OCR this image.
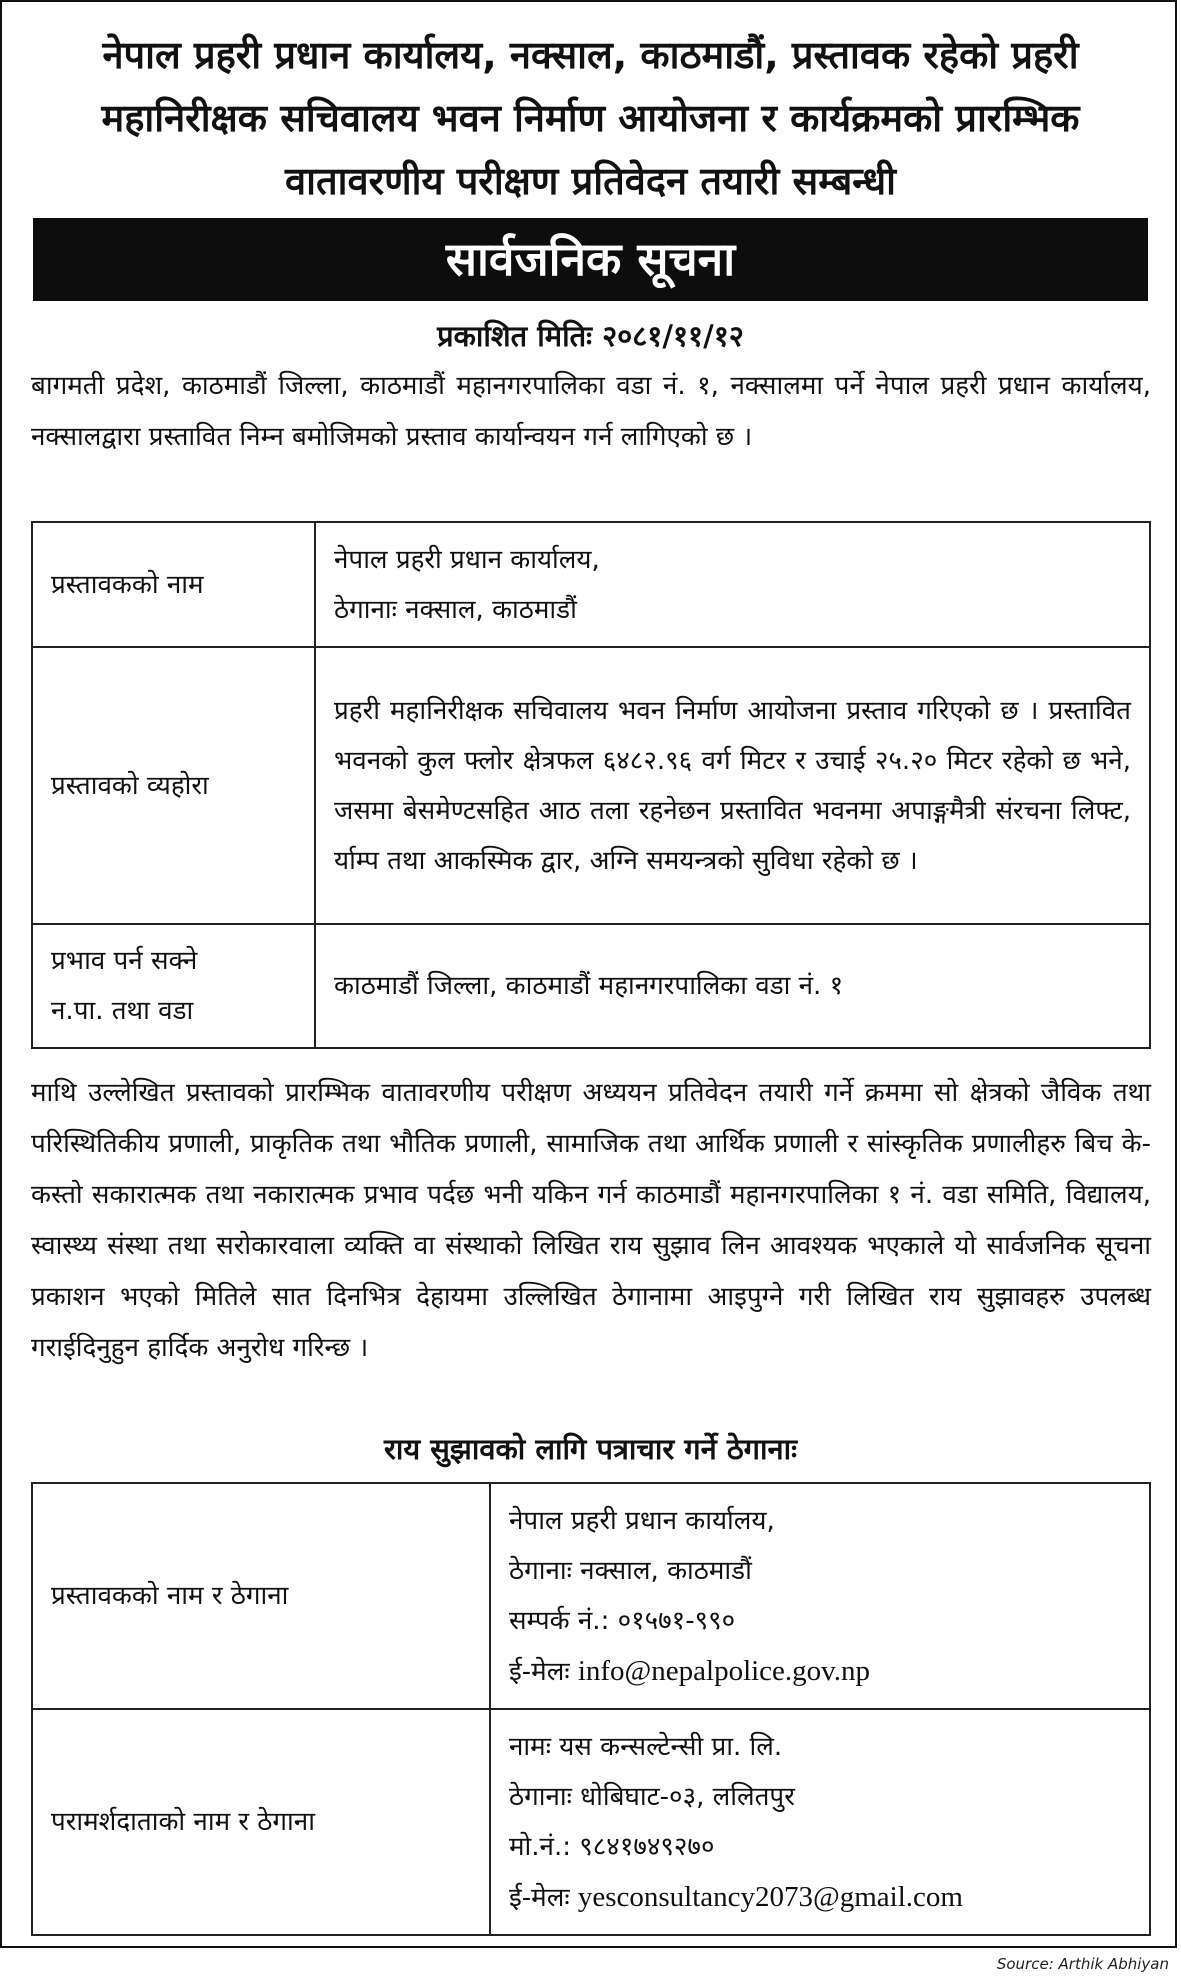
नेपाल प्रहरी प्रधान कार्यालय, नक्साल, काठमाडौं, प्रस्तावक रहेको प्रहरी
महानिरीक्षक सचिवालय भवन निर्माण आयोजना र कार्यक्रमको प्रारम्भिक
वातावरणीय परीक्षण प्रतिवेदन तयारी सम्बन्धी
सार्वजनिक सूचना
प्रकाशित मितिः २०८१/११/१२
बागमती प्रदेश, काठमाडौं जिल्ला, काठमाडौं महानगरपालिका वडा नं. १, नक्सालमा पर्ने नेपाल प्रहरी प्रधान कार्यालय, नक्सालद्वारा प्रस्तावित निम्न बमोजिमको प्रस्ताव कार्यान्वयन गर्न लागिएको छ ।
प्रस्तावकको नाम	नेपाल प्रहरी प्रधान कार्यालय,
ठेगानाः नक्साल, काठमाडौं

प्रस्तावको व्यहोरा	प्रहरी महानिरीक्षक सचिवालय भवन निर्माण आयोजना प्रस्ताव गरिएको छ । प्रस्तावित भवनको कुल फ्लोर क्षेत्रफल ६४८२.९६ वर्ग मिटर र उचाई २५.२० मिटर रहेको छ भने, जसमा बेसमेण्टसहित आठ तला रहनेछन प्रस्तावित भवनमा अपाङ्गमैत्री संरचना लिफ्ट, र्याम्प तथा आकस्मिक द्वार, अग्नि समयन्त्रको सुविधा रहेको छ ।

प्रभाव पर्न सक्ने
न.पा. तथा वडा	काठमाडौं जिल्ला, काठमाडौं महानगरपालिका वडा नं. १
माथि उल्लेखित प्रस्तावको प्रारम्भिक वातावरणीय परीक्षण अध्ययन प्रतिवेदन तयारी गर्ने क्रममा सो क्षेत्रको जैविक तथा परिस्थितिकीय प्रणाली, प्राकृतिक तथा भौतिक प्रणाली, सामाजिक तथा आर्थिक प्रणाली र सांस्कृतिक प्रणालीहरु बिच के-कस्तो सकारात्मक तथा नकारात्मक प्रभाव पर्दछ भनी यकिन गर्न काठमाडौं महानगरपालिका १ नं. वडा समिति, विद्यालय, स्वास्थ्य संस्था तथा सरोकारवाला व्यक्ति वा संस्थाको लिखित राय सुझाव लिन आवश्यक भएकाले यो सार्वजनिक सूचना प्रकाशन भएको मितिले सात दिनभित्र देहायमा उल्लिखित ठेगानामा आइपुग्ने गरी लिखित राय सुझावहरु उपलब्ध गराईदिनुहुन हार्दिक अनुरोध गरिन्छ ।
राय सुझावको लागि पत्राचार गर्ने ठेगानाः
प्रस्तावकको नाम र ठेगाना	नेपाल प्रहरी प्रधान कार्यालय,
ठेगानाः नक्साल, काठमाडौं
सम्पर्क नं.: ०१५७१-९९०
ई-मेलः info@nepalpolice.gov.np

परामर्शदाताको नाम र ठेगाना	नामः यस कन्सल्टेन्सी प्रा. लि.
ठेगानाः धोबिघाट-०३, ललितपुर
मो.नं.: ९८४१७४९२७०
ई-मेलः yesconsultancy2073@gmail.com
Source: Arthik Abhiyan
